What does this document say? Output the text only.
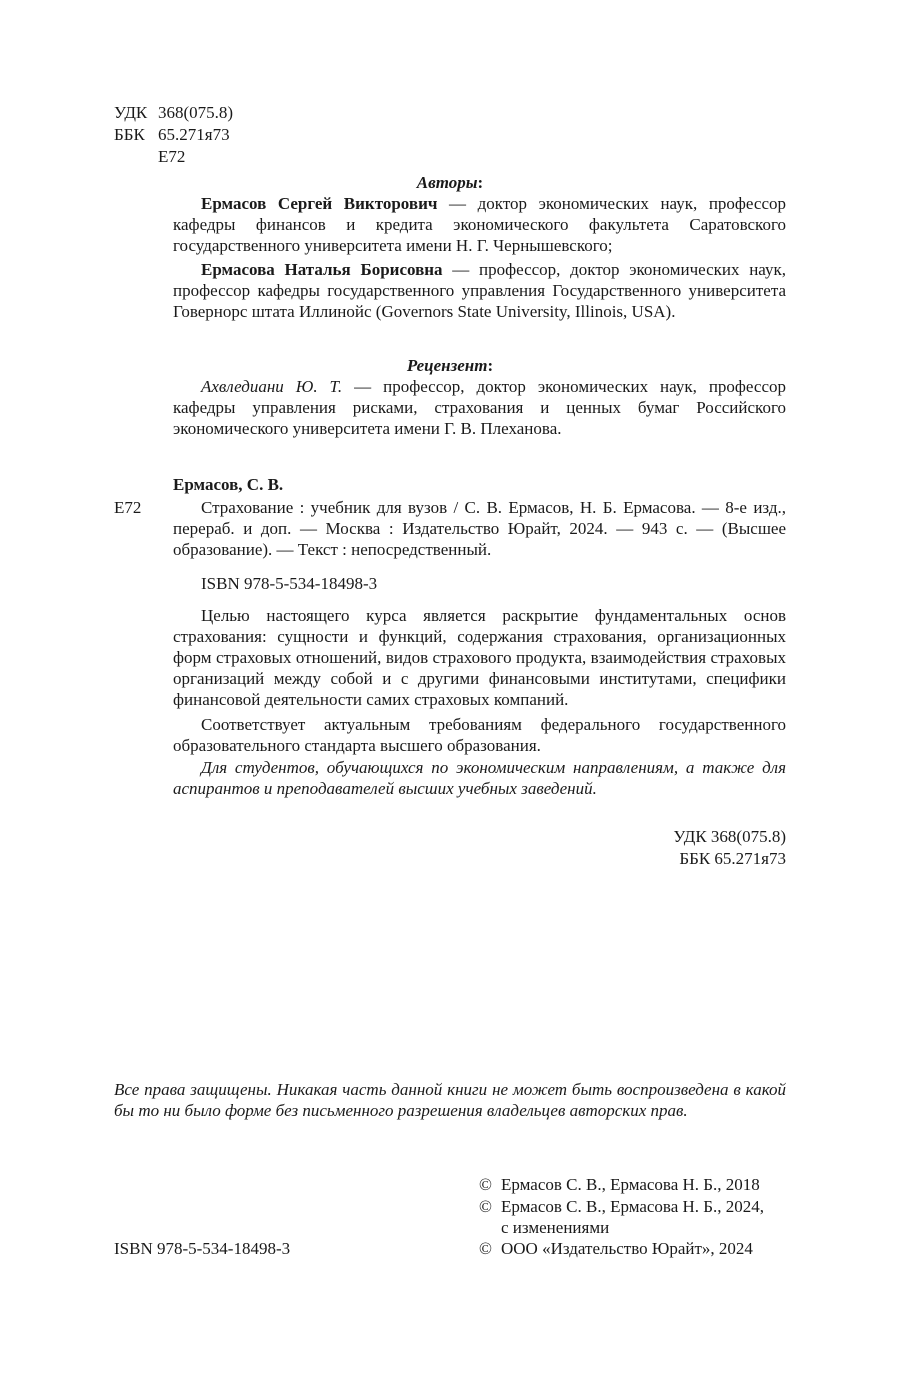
УДК 368(075.8)
ББК 65.271я73
Е72
Авторы:
Ермасов Сергей Викторович — доктор экономических наук, профессор кафедры финансов и кредита экономического факультета Саратовского государственного университета имени Н. Г. Чернышевского;
Ермасова Наталья Борисовна — профессор, доктор экономических наук, профессор кафедры государственного управления Государственного университета Говернорс штата Иллинойс (Governors State University, Illinois, USA).
Рецензент:
Ахвледиани Ю. Т. — профессор, доктор экономических наук, профессор кафедры управления рисками, страхования и ценных бумаг Российского экономического университета имени Г. В. Плеханова.
Ермасов, С. В.
Е72	Страхование : учебник для вузов / С. В. Ермасов, Н. Б. Ермасова. — 8-е изд., перераб. и доп. — Москва : Издательство Юрайт, 2024. — 943 с. — (Высшее образование). — Текст : непосредственный.
ISBN 978-5-534-18498-3
Целью настоящего курса является раскрытие фундаментальных основ страхования: сущности и функций, содержания страхования, организационных форм страховых отношений, видов страхового продукта, взаимодействия страховых организаций между собой и с другими финансовыми институтами, специфики финансовой деятельности самих страховых компаний.
Соответствует актуальным требованиям федерального государственного образовательного стандарта высшего образования.
Для студентов, обучающихся по экономическим направлениям, а также для аспирантов и преподавателей высших учебных заведений.
УДК 368(075.8)
ББК 65.271я73
Все права защищены. Никакая часть данной книги не может быть воспроизведена в какой бы то ни было форме без письменного разрешения владельцев авторских прав.
ISBN 978-5-534-18498-3
© Ермасов С. В., Ермасова Н. Б., 2018
© Ермасов С. В., Ермасова Н. Б., 2024,
с изменениями
© ООО «Издательство Юрайт», 2024
